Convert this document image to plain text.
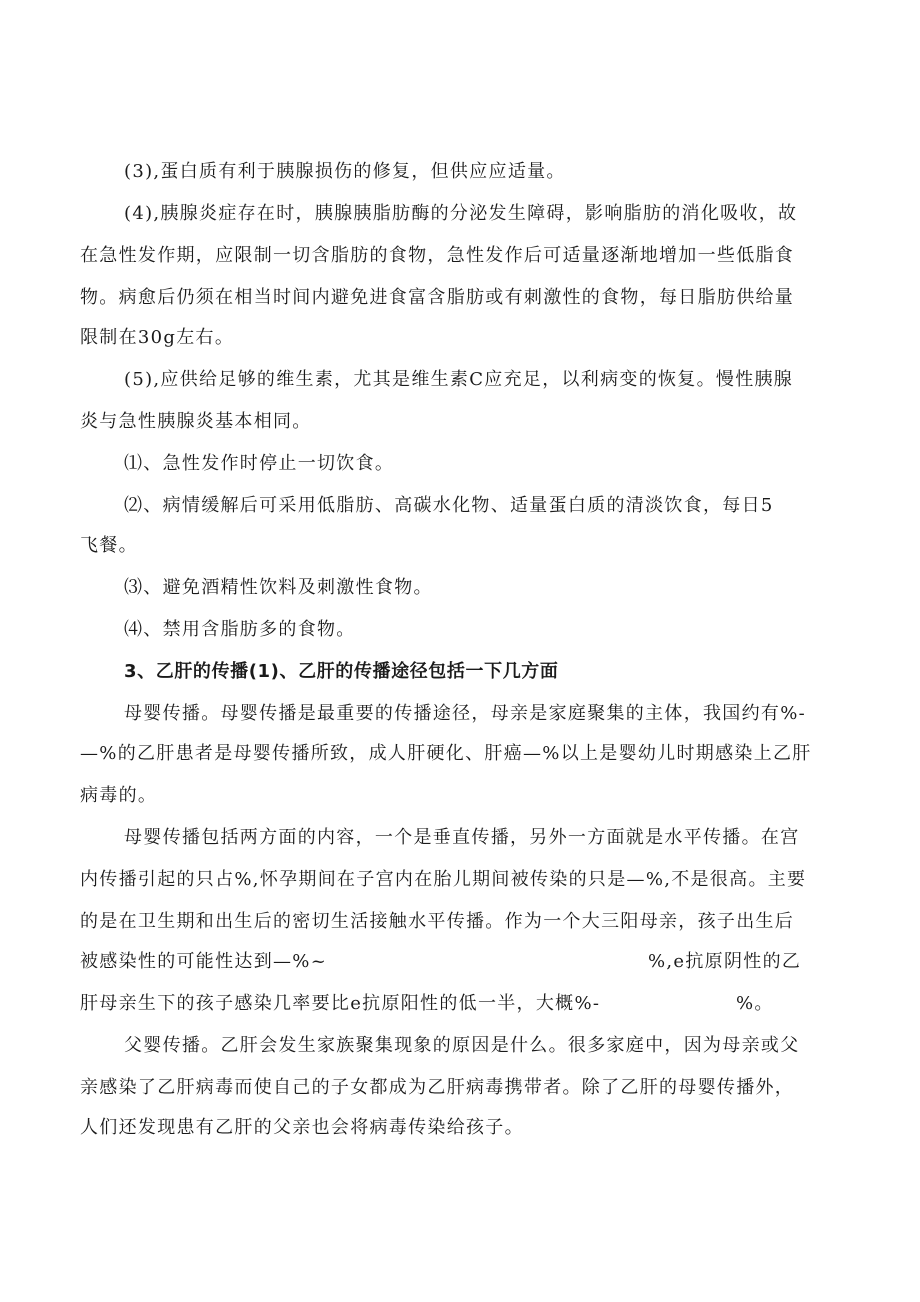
(3),蛋白质有利于胰腺损伤的修复，但供应应适量。
(4),胰腺炎症存在时，胰腺胰脂肪酶的分泌发生障碍，影响脂肪的消化吸收，故
在急性发作期，应限制一切含脂肪的食物，急性发作后可适量逐渐地增加一些低脂食
物。病愈后仍须在相当时间内避免进食富含脂肪或有刺激性的食物，每日脂肪供给量
限制在30g左右。
(5),应供给足够的维生素，尤其是维生素C应充足，以利病变的恢复。慢性胰腺
炎与急性胰腺炎基本相同。
⑴、急性发作时停止一切饮食。
⑵、病情缓解后可采用低脂肪、高碳水化物、适量蛋白质的清淡饮食，每日5
飞餐。
⑶、避免酒精性饮料及刺激性食物。
⑷、禁用含脂肪多的食物。
3、乙肝的传播(1)、乙肝的传播途径包括一下几方面
母婴传播。母婴传播是最重要的传播途径，母亲是家庭聚集的主体，我国约有%-
—%的乙肝患者是母婴传播所致，成人肝硬化、肝癌—%以上是婴幼儿时期感染上乙肝
病毒的。
母婴传播包括两方面的内容，一个是垂直传播，另外一方面就是水平传播。在宫
内传播引起的只占%,怀孕期间在子宫内在胎儿期间被传染的只是—%,不是很高。主要
的是在卫生期和出生后的密切生活接触水平传播。作为一个大三阳母亲，孩子出生后
被感染性的可能性达到—%~	%,e抗原阴性的乙
肝母亲生下的孩子感染几率要比e抗原阳性的低一半，大概%-	%。
父婴传播。乙肝会发生家族聚集现象的原因是什么。很多家庭中，因为母亲或父
亲感染了乙肝病毒而使自己的子女都成为乙肝病毒携带者。除了乙肝的母婴传播外，
人们还发现患有乙肝的父亲也会将病毒传染给孩子。
